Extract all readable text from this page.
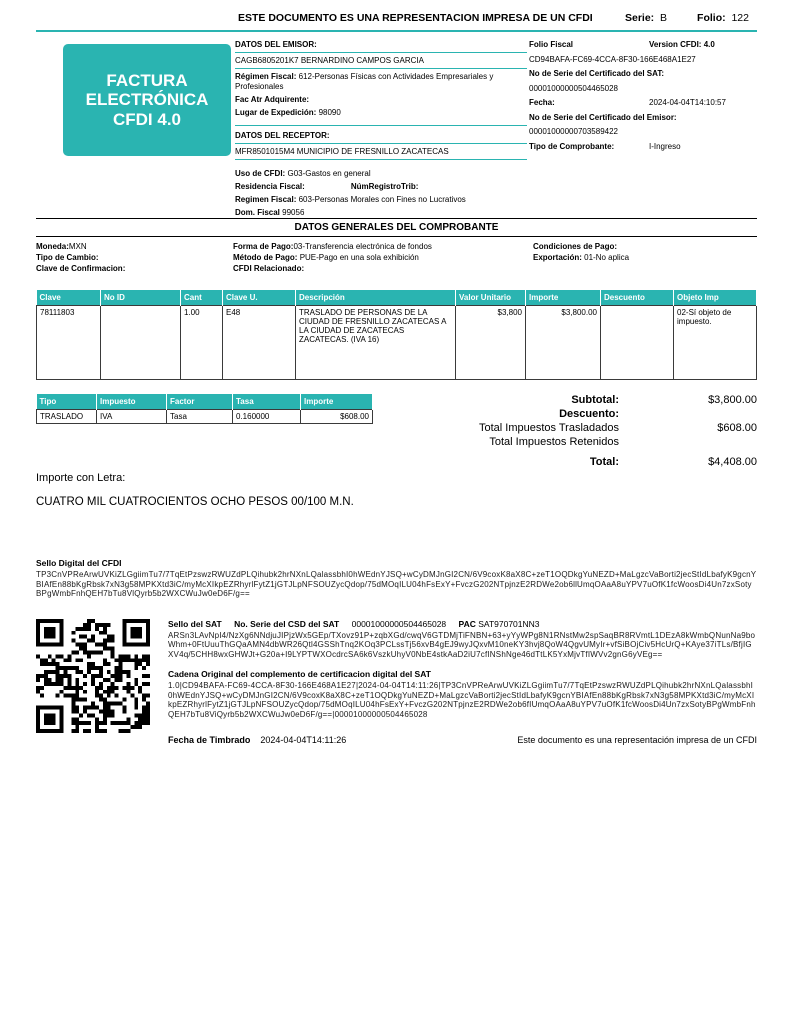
ESTE DOCUMENTO ES UNA REPRESENTACION IMPRESA DE UN CFDI	Serie: B	Folio: 122
FACTURA
ELECTRÓNICA
CFDI 4.0
DATOS DEL EMISOR:
CAGB6805201K7 BERNARDINO CAMPOS GARCIA
Régimen Fiscal: 612-Personas Físicas con Actividades Empresariales y Profesionales
Fac Atr Adquirente:
Lugar de Expedición: 98090
DATOS DEL RECEPTOR:
MFR8501015M4 MUNICIPIO DE FRESNILLO ZACATECAS
Uso de CFDI: G03-Gastos en general
Residencia Fiscal:	NúmRegistroTrib:
Regimen Fiscal: 603-Personas Morales con Fines no Lucrativos
Dom. Fiscal 99056
Folio Fiscal	Version CFDI: 4.0
CD94BAFA-FC69-4CCA-8F30-166E468A1E27
No de Serie del Certificado del SAT:
00001000000504465028
Fecha:	2024-04-04T14:10:57
No de Serie del Certificado del Emisor:
00001000000703589422
Tipo de Comprobante:	I-Ingreso
DATOS GENERALES DEL COMPROBANTE
Moneda:MXN
Tipo de Cambio:
Clave de Confirmacion:
Forma de Pago:03-Transferencia electrónica de fondos
Método de Pago: PUE-Pago en una sola exhibición
CFDI Relacionado:
Condiciones de Pago:
Exportación: 01-No aplica
Clave	No ID	Cant	Clave U.	Descripción	Valor Unitario	Importe	Descuento	Objeto Imp
78111803		1.00	E48	TRASLADO DE PERSONAS DE LA CIUDAD DE FRESNILLO ZACATECAS A LA CIUDAD DE ZACATECAS ZACATECAS. (IVA 16)	$3,800	$3,800.00		02-Sí objeto de impuesto.
Tipo	Impuesto	Factor	Tasa	Importe
TRASLADO	IVA	Tasa	0.160000	$608.00
Importe con Letra:
Subtotal:	$3,800.00
Descuento:
Total Impuestos Trasladados	$608.00
Total Impuestos Retenidos
Total:	$4,408.00
CUATRO MIL CUATROCIENTOS OCHO PESOS 00/100 M.N.
Sello Digital del CFDI
TP3CnVPReArwUVKiZLGgiimTu7/7TqEtPzswzRWUZdPLQihubk2hrNXnLQalassbhI0hWEdnYJSQ+wCyDMJnGI2CN/6V9coxK8aX8C+zeT1OQDkgYuNEZD+MaLgzcVaBorti2jecStIdLbafyK9gcnYBIAfEn88bKgRbsk7xN3g58MPKXtd3iC/myMcXIkpEZRhyrlFytZ1jGTJLpNFSOUZycQdop/75dMOqILU04hFsExY+FvczG202NTpjnzE2RDWe2ob6llUmqOAaA8uYPV7uOfK1fcWoosDi4Un7zxSotyBPgWmbFnhQEH7bTu8VlQyrb5b2WXCWuJw0eD6F/g==
Sello del SAT No. Serie del CSD del SAT 00001000000504465028 PAC SAT970701NN3
ARSn3LAvNpI4/NzXg6NNdjuJIPjzWx5GEp/TXovz91P+zqbXGd/cwqV6GTDMjTiFNBN+63+yYyWPg8N1RNstMw2spSaqBR8RVmtL1DEzA8kWmbQNunNa9boWhm+0FtUuuThGQaAMN4dbWR26Qtl4GSShTnq2KOq3PCLssTj56xvB4gEJ9wyJQxvM10neKY3hvj8QoW4QgvUMyIr+vfSiBOjCiv5HcUrQ+KAye37iTLs/BfjIGXV4q/5CHH8wxGHWJt+G20a+I9LYPTWXOcdrcSA6k6VszkUhyV0NbE4stkAaD2iU7cfINShNge46dTtLK5YxMjvTfIWVv2gnG6yVEg==
Cadena Original del complemento de certificacion digital del SAT
1.0|CD94BAFA-FC69-4CCA-8F30-166E468A1E27|2024-04-04T14:11:26|TP3CnVPReArwUVKiZLGgiimTu7/7TqEtPzswzRWUZdPLQihubk2hrNXnLQalassbhI0hWEdnYJSQ+wCyDMJnGI2CN/6V9coxK8aX8C+zeT1OQDkgYuNEZD+MaLgzcVaBorti2jecStIdLbafyK9gcnYBIAfEn88bKgRbsk7xN3g58MPKXtd3iC/myMcXIkpEZRhyrlFytZ1jGTJLpNFSOUZycQdop/75dMOqILU04hFsExY+FvczG202NTpjnzE2RDWe2ob6fIUmqOAaA8uYPV7uOfK1fcWoosDi4Un7zxSotyBPgWmbFnhQEH7bTu8ViQyrb5b2WXCWuJw0eD6F/g==|00001000000504465028
Fecha de Timbrado 2024-04-04T14:11:26	Este documento es una representación impresa de un CFDI
